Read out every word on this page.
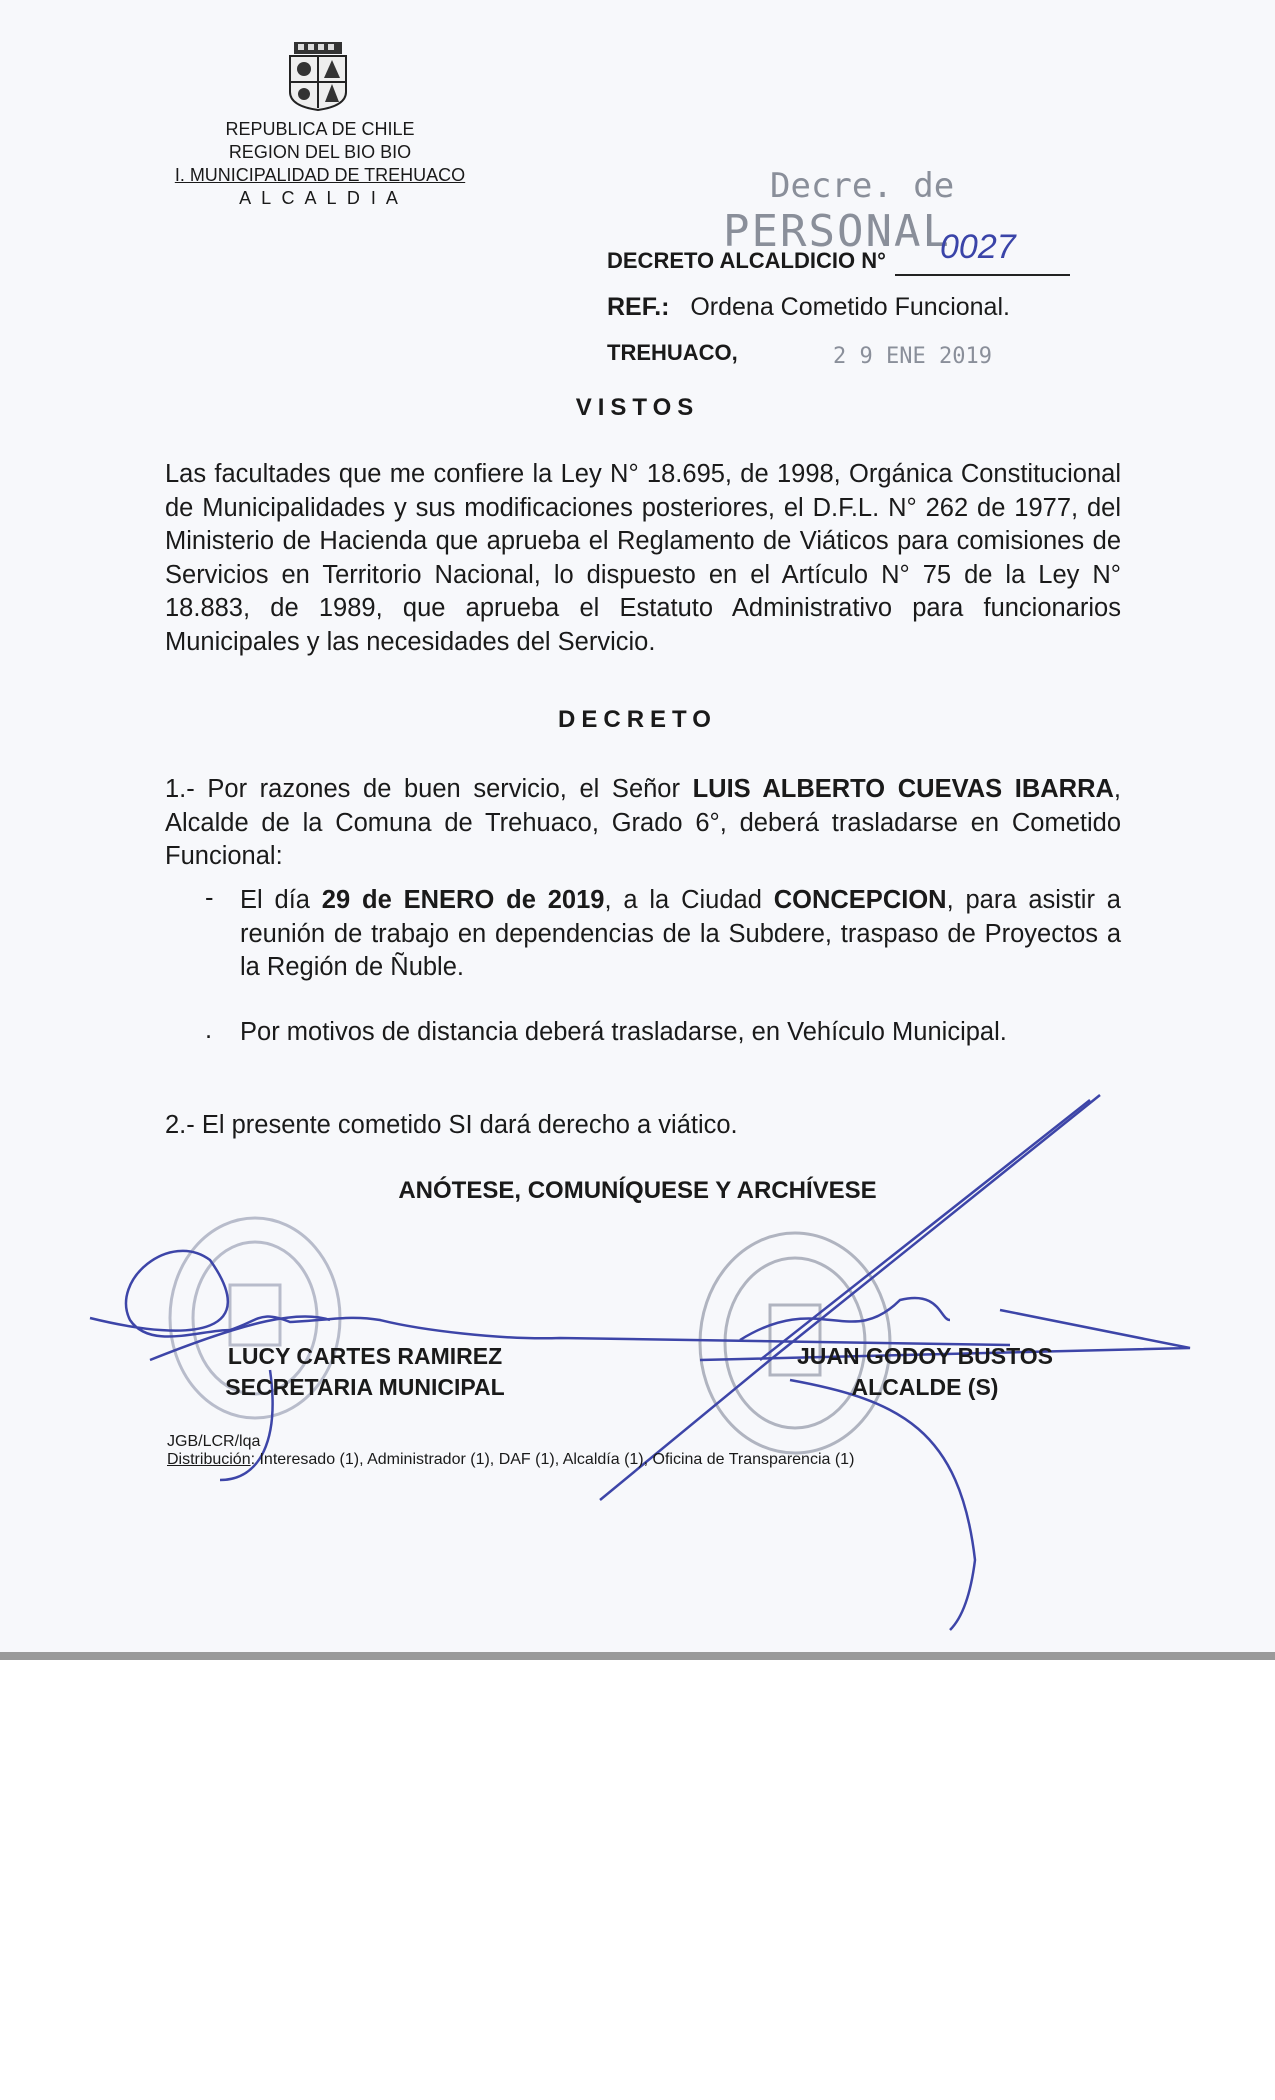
REPUBLICA DE CHILE
REGION DEL BIO BIO
I. MUNICIPALIDAD DE TREHUACO
A L C A L D I A	Decre. de
PERSONAL
DECRETO ALCALDICIO N° 0027
REF.: Ordena Cometido Funcional.
TREHUACO,	2 9 ENE 2019
VISTOS
Las facultades que me confiere la Ley N° 18.695, de 1998, Orgánica Constitucional de Municipalidades y sus modificaciones posteriores, el D.F.L. N° 262 de 1977, del Ministerio de Hacienda que aprueba el Reglamento de Viáticos para comisiones de Servicios en Territorio Nacional, lo dispuesto en el Artículo N° 75 de la Ley N° 18.883, de 1989, que aprueba el Estatuto Administrativo para funcionarios Municipales y las necesidades del Servicio.
DECRETO
1.- Por razones de buen servicio, el Señor LUIS ALBERTO CUEVAS IBARRA, Alcalde de la Comuna de Trehuaco, Grado 6°, deberá trasladarse en Cometido Funcional:
- El día 29 de ENERO de 2019, a la Ciudad CONCEPCION, para asistir a reunión de trabajo en dependencias de la Subdere, traspaso de Proyectos a la Región de Ñuble.
. Por motivos de distancia deberá trasladarse, en Vehículo Municipal.
2.- El presente cometido SI dará derecho a viático.
ANÓTESE, COMUNÍQUESE Y ARCHÍVESE
LUCY CARTES RAMIREZ
SECRETARIA MUNICIPAL
JUAN GODOY BUSTOS
ALCALDE (S)
JGB/LCR/lqa
Distribución: Interesado (1), Administrador (1), DAF (1), Alcaldía (1), Oficina de Transparencia (1)
